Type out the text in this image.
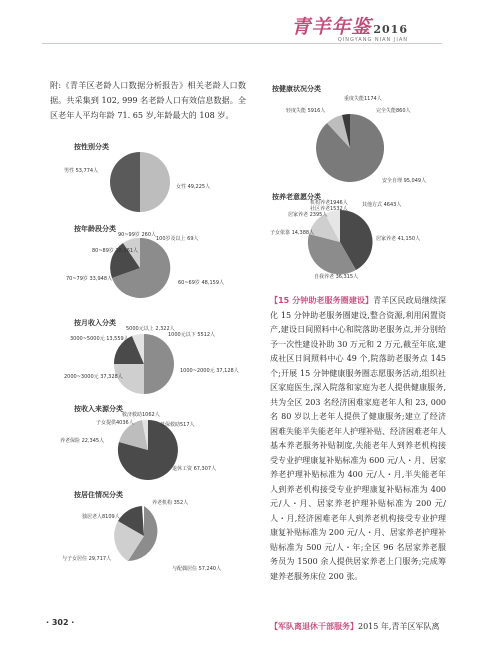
青羊年鉴 2016
QINGYANG NIAN JIAN
附:《青羊区老龄人口数据分析报告》相关老龄人口数据。共采集到 102, 999 名老龄人口有效信息数据。全区老年人平均年龄 71. 65 岁,年龄最大的 108 岁。
按性别分类
男性 53,774人
女性 49,225人
按年龄段分类
90~99岁 260人
100岁及以上 69人
80~89岁 18,161人
70~79岁 33,948人
60~69岁 48,159人
按月收入分类
5000元以上 2,322人
1000元以下 5512人
3000~5000元 13,559人
2000~3000元 37,328人
1000~2000元 37,128人
按收入来源分类
救济救助1062人
子女提供4036人	低保救助517人
养老保险 22,345人
退休工资 67,307人
按居住情况分类
养老机构 352人
独居老人8109人
与子女居住 29,717人
与配偶居住 57,240人
按健康状况分类
重度失能1174人
轻度失能 5916人	完全失能860人
安全自理 95,049人
按养老意愿分类
机构养老1946人
社区养老1532人
其他方式 4643人
居家养老 2395人
子女依靠 14,388人
居家养老 41,150人
自我养老 36,315人
【15 分钟助老服务圈建设】青羊区民政局继续深化 15 分钟助老服务圈建设,整合资源,利用闲置资产,建设日间照料中心和院落助老服务点,并分别给予一次性建设补助 30 万元和 2 万元,截至年底,建成社区日间照料中心 49 个,院落助老服务点 145 个;开展 15 分钟健康服务圈志愿服务活动,组织社区家庭医生,深入院落和家庭为老人提供健康服务,共为全区 203 名经济困难家庭老年人和 23, 000 名 80 岁以上老年人提供了健康服务;建立了经济困难失能半失能老年人护理补贴、经济困难老年人基本养老服务补贴制度,失能老年人到养老机构接受专业护理康复补贴标准为 600 元/人・月、居家养老护理补贴标准为 400 元/人・月,半失能老年人到养老机构接受专业护理康复补贴标准为 400 元/人・月、居家养老护理补贴标准为 200 元/人・月,经济困难老年人到养老机构接受专业护理康复补贴标准为 200 元/人・月、居家养老护理补贴标准为 500 元/人・年;全区 96 名居家养老服务员为 1500 余人提供居家养老上门服务;完成筹建养老服务床位 200 张。
【军队离退休干部服务】2015 年,青羊区军队离
· 302 ·
